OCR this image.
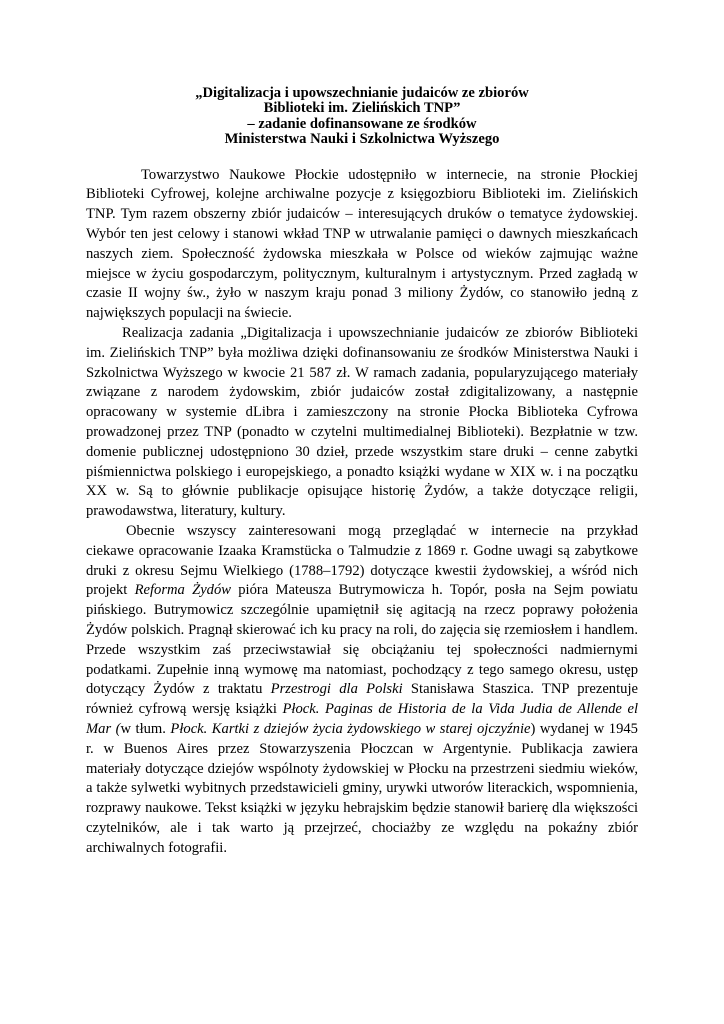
„Digitalizacja i upowszechnianie judaiców ze zbiorów
Biblioteki im. Zielińskich TNP”
– zadanie dofinansowane ze środków
Ministerstwa Nauki i Szkolnictwa Wyższego

Towarzystwo Naukowe Płockie udostępniło w internecie, na stronie Płockiej
Biblioteki Cyfrowej, kolejne archiwalne pozycje z księgozbioru Biblioteki im. Zielińskich
TNP. Tym razem obszerny zbiór judaiców – interesujących druków o tematyce żydowskiej.
Wybór ten jest celowy i stanowi wkład TNP w utrwalanie pamięci o dawnych mieszkańcach
naszych ziem. Społeczność żydowska mieszkała w Polsce od wieków zajmując ważne
miejsce w życiu gospodarczym, politycznym, kulturalnym i artystycznym. Przed zagładą w
czasie II wojny św., żyło w naszym kraju ponad 3 miliony Żydów, co stanowiło jedną z
największych populacji na świecie.

Realizacja zadania „Digitalizacja i upowszechnianie judaiców ze zbiorów Biblioteki
im. Zielińskich TNP” była możliwa dzięki dofinansowaniu ze środków Ministerstwa Nauki i
Szkolnictwa Wyższego w kwocie 21 587 zł. W ramach zadania, popularyzującego materiały
związane z narodem żydowskim, zbiór judaiców został zdigitalizowany, a następnie
opracowany w systemie dLibra i zamieszczony na stronie Płocka Biblioteka Cyfrowa
prowadzonej przez TNP (ponadto w czytelni multimedialnej Biblioteki). Bezpłatnie w tzw.
domenie publicznej udostępniono 30 dzieł, przede wszystkim stare druki – cenne zabytki
piśmiennictwa polskiego i europejskiego, a ponadto książki wydane w XIX w. i na początku
XX w. Są to głównie publikacje opisujące historię Żydów, a także dotyczące religii,
prawodawstwa, literatury, kultury.

Obecnie wszyscy zainteresowani mogą przeglądać w internecie na przykład
ciekawe opracowanie Izaaka Kramstücka o Talmudzie z 1869 r. Godne uwagi są zabytkowe
druki z okresu Sejmu Wielkiego (1788–1792) dotyczące kwestii żydowskiej, a wśród nich
projekt Reforma Żydów pióra Mateusza Butrymowicza h. Topór, posła na Sejm powiatu
pińskiego. Butrymowicz szczególnie upamiętnił się agitacją na rzecz poprawy położenia
Żydów polskich. Pragnął skierować ich ku pracy na roli, do zajęcia się rzemiosłem i handlem.
Przede wszystkim zaś przeciwstawiał się obciążaniu tej społeczności nadmiernymi
podatkami. Zupełnie inną wymowę ma natomiast, pochodzący z tego samego okresu, ustęp
dotyczący Żydów z traktatu Przestrogi dla Polski Stanisława Staszica. TNP prezentuje
również cyfrową wersję książki Płock. Paginas de Historia de la Vida Judia de Allende el
Mar (w tłum. Płock. Kartki z dziejów życia żydowskiego w starej ojczyźnie) wydanej w 1945
r. w Buenos Aires przez Stowarzyszenia Płoczcan w Argentynie. Publikacja zawiera
materiały dotyczące dziejów wspólnoty żydowskiej w Płocku na przestrzeni siedmiu wieków,
a także sylwetki wybitnych przedstawicieli gminy, urywki utworów literackich, wspomnienia,
rozprawy naukowe. Tekst książki w języku hebrajskim będzie stanowił barierę dla większości
czytelników, ale i tak warto ją przejrzeć, chociażby ze względu na pokaźny zbiór
archiwalnych fotografii.
